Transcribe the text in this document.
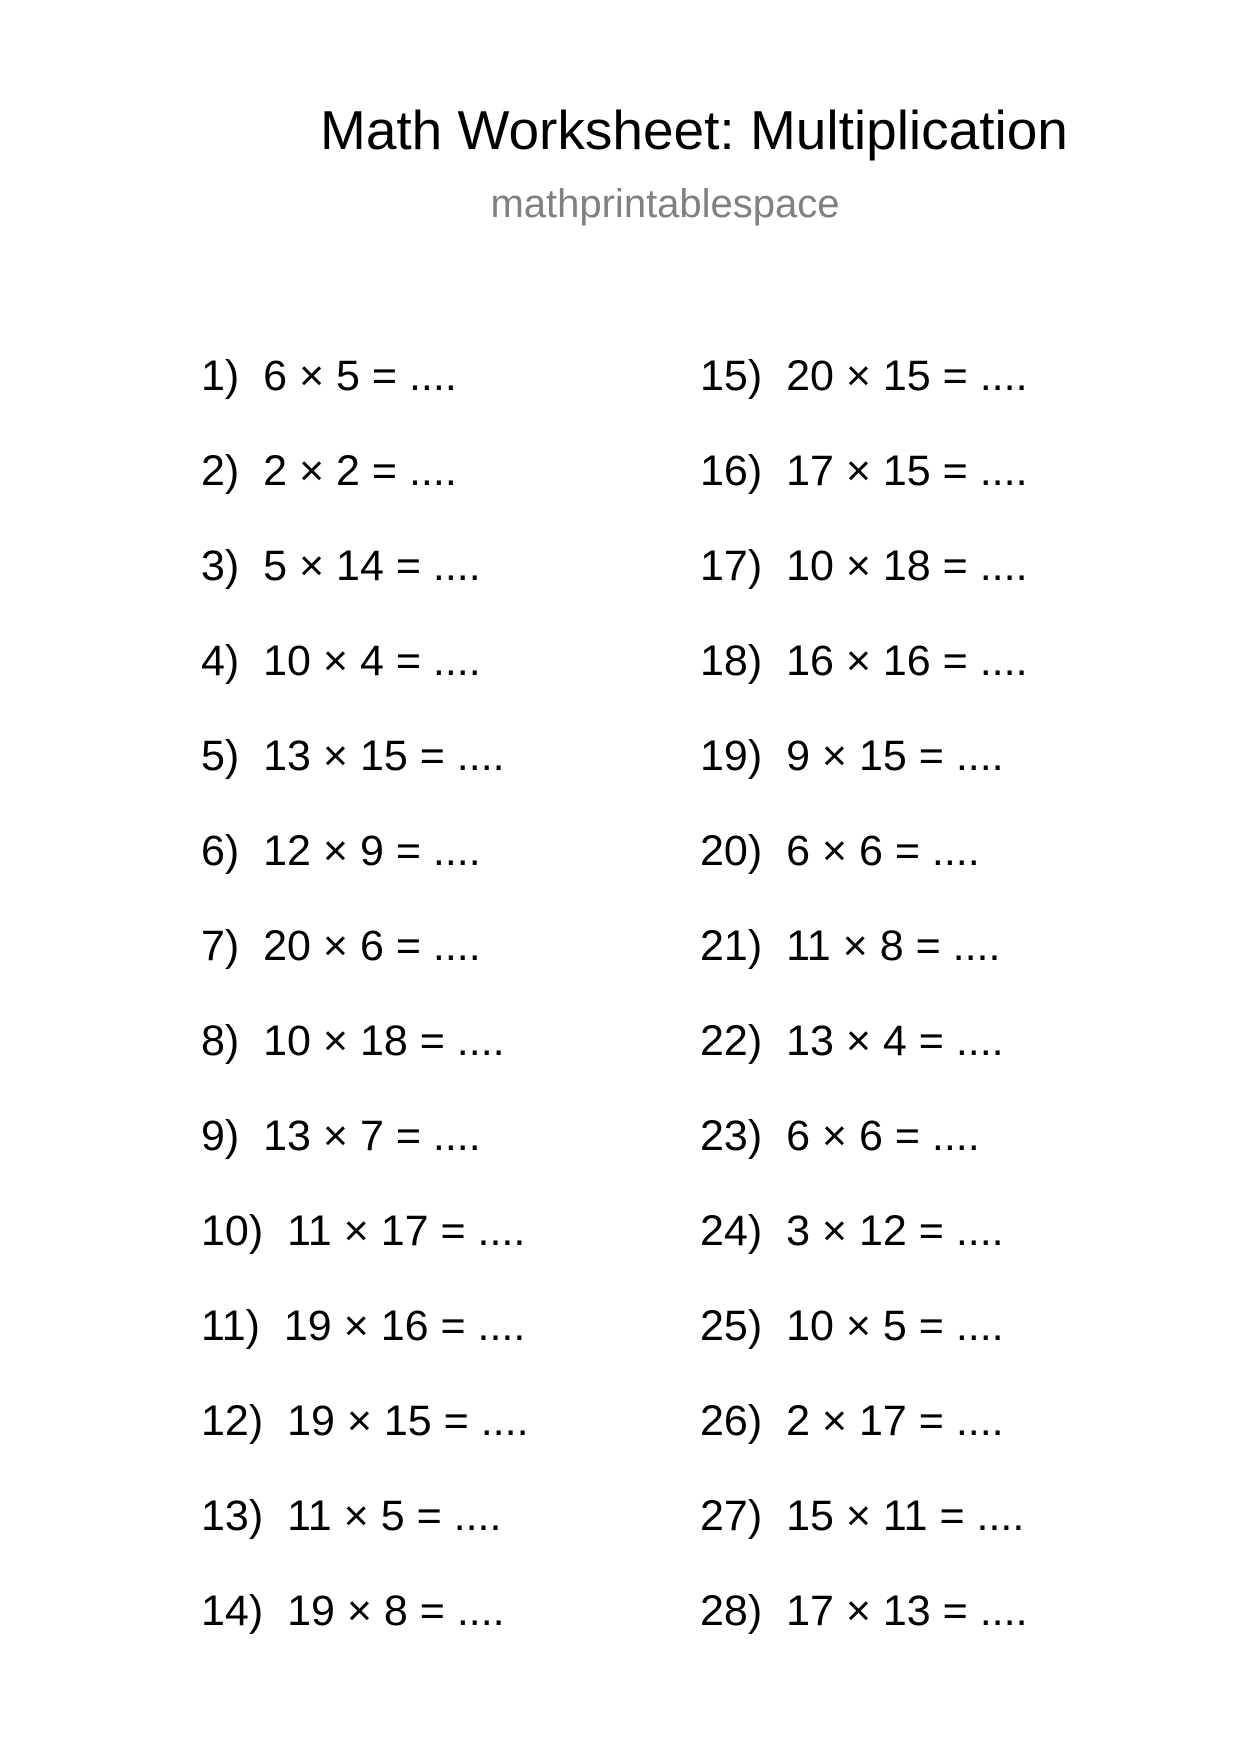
Math Worksheet: Multiplication
mathprintablespace
1) 6 × 5 = ....
2) 2 × 2 = ....
3) 5 × 14 = ....
4) 10 × 4 = ....
5) 13 × 15 = ....
6) 12 × 9 = ....
7) 20 × 6 = ....
8) 10 × 18 = ....
9) 13 × 7 = ....
10) 11 × 17 = ....
11) 19 × 16 = ....
12) 19 × 15 = ....
13) 11 × 5 = ....
14) 19 × 8 = ....
15) 20 × 15 = ....
16) 17 × 15 = ....
17) 10 × 18 = ....
18) 16 × 16 = ....
19) 9 × 15 = ....
20) 6 × 6 = ....
21) 11 × 8 = ....
22) 13 × 4 = ....
23) 6 × 6 = ....
24) 3 × 12 = ....
25) 10 × 5 = ....
26) 2 × 17 = ....
27) 15 × 11 = ....
28) 17 × 13 = ....
